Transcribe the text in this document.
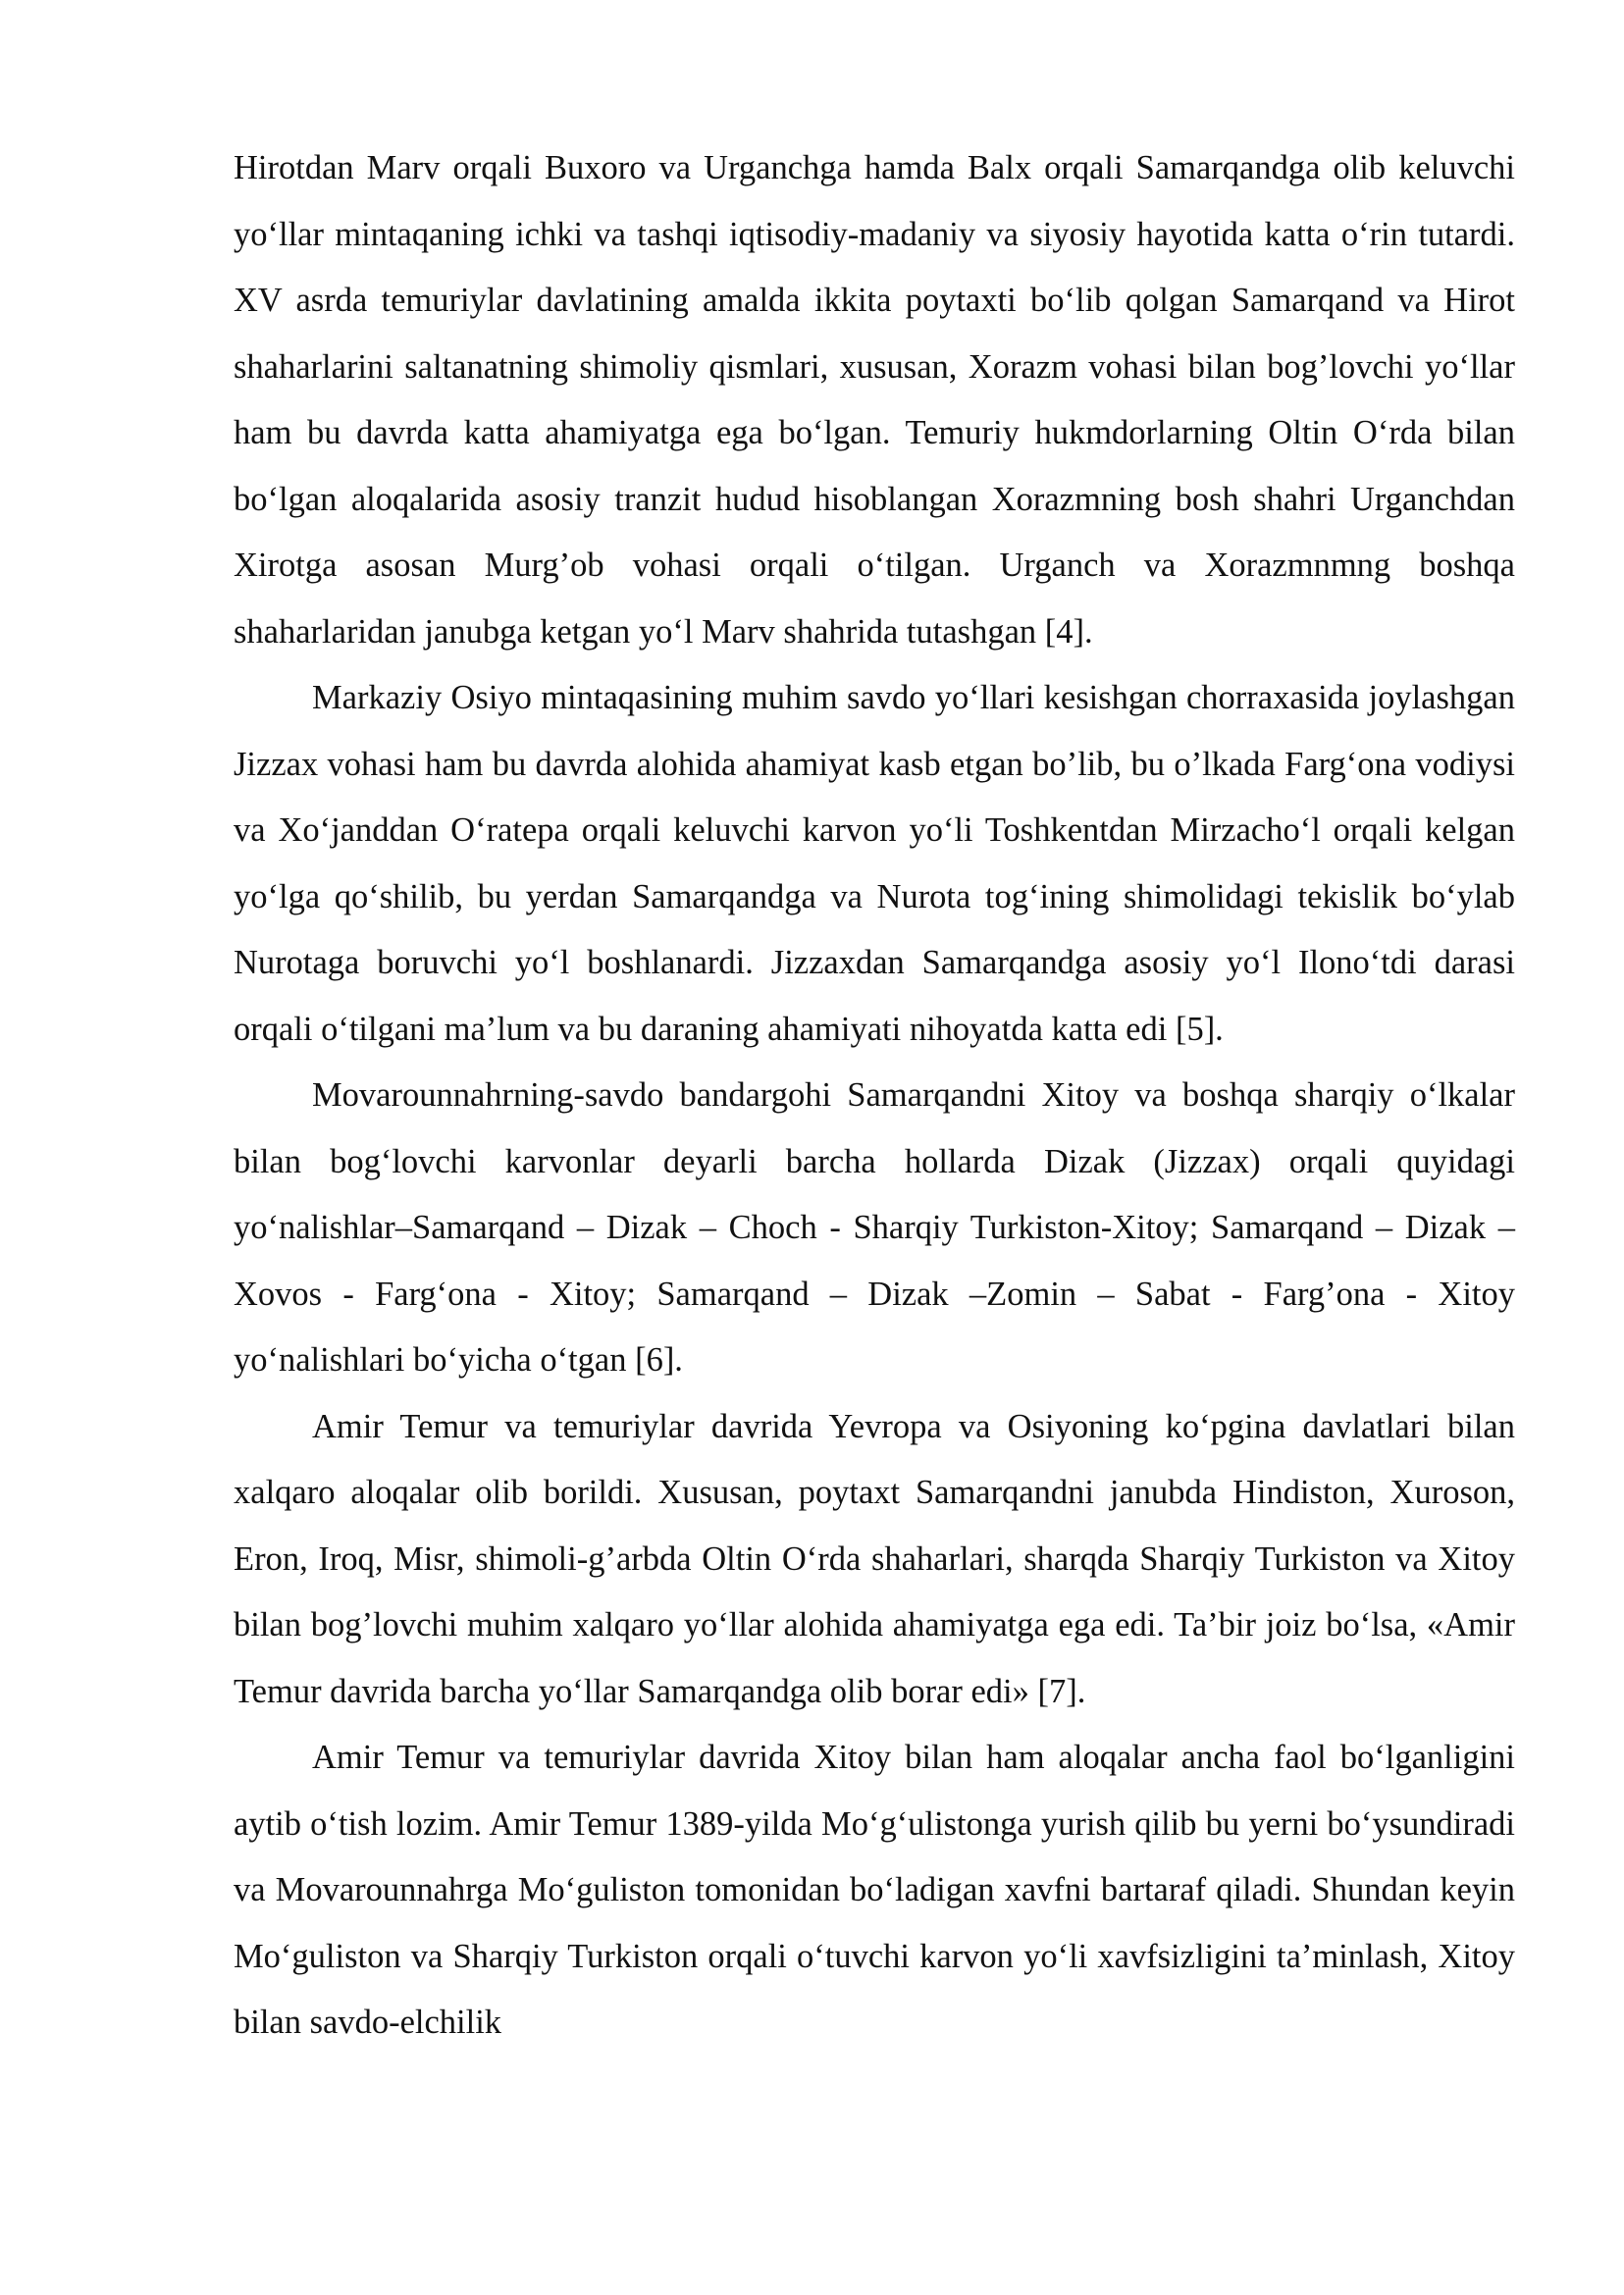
Hirotdan Marv orqali Buxoro va Urganchga hamda Balx orqali Samarqandga olib keluvchi yo‘llar mintaqaning ichki va tashqi iqtisodiy-madaniy va siyosiy hayotida katta o‘rin tutardi. XV asrda temuriylar davlatining amalda ikkita poytaxti bo‘lib qolgan Samarqand va Hirot shaharlarini saltanatning shimoliy qismlari, xususan, Xorazm vohasi bilan bog’lovchi yo‘llar ham bu davrda katta ahamiyatga ega bo‘lgan. Temuriy hukmdorlarning Oltin O‘rda bilan bo‘lgan aloqalarida asosiy tranzit hudud hisoblangan Xorazmning bosh shahri Urganchdan Xirotga asosan Murg’ob vohasi orqali o‘tilgan. Urganch va Xorazmnmng boshqa shaharlaridan janubga ketgan yo‘l Marv shahrida tutashgan [4].

Markaziy Osiyo mintaqasining muhim savdo yo‘llari kesishgan chorraxasida joylashgan Jizzax vohasi ham bu davrda alohida ahamiyat kasb etgan bo’lib, bu o’lkada Farg‘ona vodiysi va Xo‘janddan O‘ratepa orqali keluvchi karvon yo‘li Toshkentdan Mirzacho‘l orqali kelgan yo‘lga qo‘shilib, bu yerdan Samarqandga va Nurota tog‘ining shimolidagi tekislik bo‘ylab Nurotaga boruvchi yo‘l boshlanardi. Jizzaxdan Samarqandga asosiy yo‘l Ilono‘tdi darasi orqali o‘tilgani ma’lum va bu daraning ahamiyati nihoyatda katta edi [5].

Movarounnahrning-savdo bandargohi Samarqandni Xitoy va boshqa sharqiy o‘lkalar bilan bog‘lovchi karvonlar deyarli barcha hollarda Dizak (Jizzax) orqali quyidagi yo‘nalishlar–Samarqand – Dizak – Choch - Sharqiy Turkiston-Xitoy; Samarqand – Dizak – Xovos - Farg‘ona - Xitoy; Samarqand – Dizak –Zomin – Sabat - Farg’ona - Xitoy yo‘nalishlari bo‘yicha o‘tgan [6].

Amir Temur va temuriylar davrida Yevropa va Osiyoning ko‘pgina davlatlari bilan xalqaro aloqalar olib borildi. Xususan, poytaxt Samarqandni janubda Hindiston, Xuroson, Eron, Iroq, Misr, shimoli-g’arbda Oltin O‘rda shaharlari, sharqda Sharqiy Turkiston va Xitoy bilan bog’lovchi muhim xalqaro yo‘llar alohida ahamiyatga ega edi. Ta’bir joiz bo‘lsa, «Amir Temur davrida barcha yo‘llar Samarqandga olib borar edi» [7].

Amir Temur va temuriylar davrida Xitoy bilan ham aloqalar ancha faol bo‘lganligini aytib o‘tish lozim. Amir Temur 1389-yilda Mo‘g‘ulistonga yurish qilib bu yerni bo‘ysundiradi va Movarounnahrga Mo‘guliston tomonidan bo‘ladigan xavfni bartaraf qiladi. Shundan keyin Mo‘guliston va Sharqiy Turkiston orqali o‘tuvchi karvon yo‘li xavfsizligini ta’minlash, Xitoy bilan savdo-elchilik
